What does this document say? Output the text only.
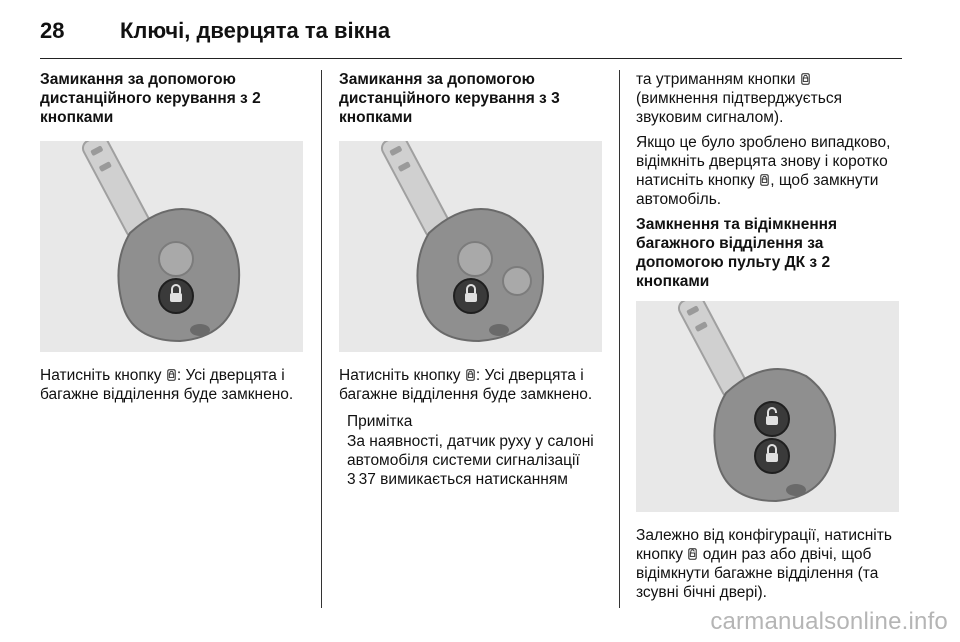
28	Ключі, дверцята та вікна
Замикання за допомогою дистанційного керування з 2 кнопками
Натисніть кнопку : Усі дверцята і багажне відділення буде замкнено.
Замикання за допомогою дистанційного керування з 3 кнопками
Натисніть кнопку : Усі дверцята і багажне відділення буде замкнено.
Примітка
За наявності, датчик руху у салоні автомобіля системи сигналізації 3 37 вимикається натисканням
та утриманням кнопки
(вимкнення підтверджується звуковим сигналом).
Якщо це було зроблено випадково, відімкніть дверцята знову і коротко натисніть кнопку , щоб замкнути автомобіль.
Замкнення та відімкнення багажного відділення за допомогою пульту ДК з 2 кнопками
Залежно від конфігурації, натисніть кнопку один раз або двічі, щоб відімкнути багажне відділення (та зсувні бічні двері).
carmanualsonline.info
